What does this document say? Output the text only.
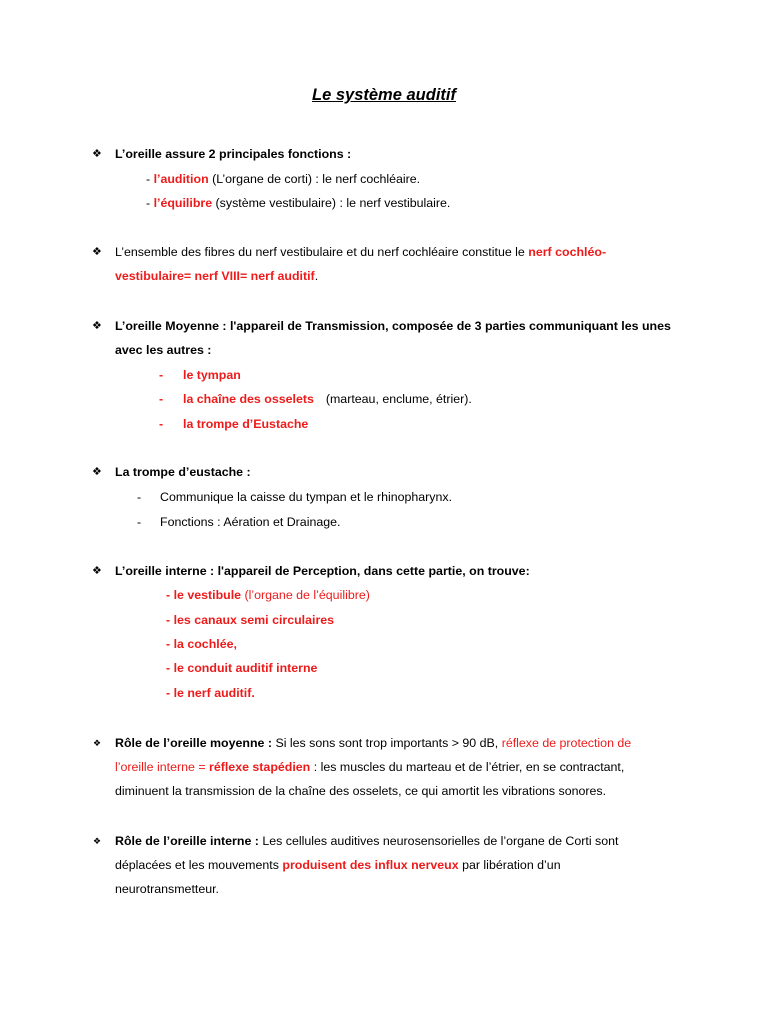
Le système auditif
❖ L’oreille assure 2 principales fonctions :
- l’audition (L’organe de corti) : le nerf cochléaire.
- l’équilibre (système vestibulaire) : le nerf vestibulaire.
❖ L’ensemble des fibres du nerf vestibulaire et du nerf cochléaire constitue le nerf cochléo-
vestibulaire= nerf VIII= nerf auditif.
❖ L’oreille Moyenne : l'appareil de Transmission, composée de 3 parties communiquant les unes
avec les autres :
- le tympan
- la chaîne des osselets (marteau, enclume, étrier).
- la trompe d’Eustache
❖ La trompe d’eustache :
- Communique la caisse du tympan et le rhinopharynx.
- Fonctions : Aération et Drainage.
❖ L’oreille interne : l'appareil de Perception, dans cette partie, on trouve:
- le vestibule (l’organe de l’équilibre)
- les canaux semi circulaires
- la cochlée,
- le conduit auditif interne
- le nerf auditif.
❖ Rôle de l’oreille moyenne : Si les sons sont trop importants > 90 dB, réflexe de protection de
l’oreille interne = réflexe stapédien : les muscles du marteau et de l’étrier, en se contractant,
diminuent la transmission de la chaîne des osselets, ce qui amortit les vibrations sonores.
❖ Rôle de l’oreille interne : Les cellules auditives neurosensorielles de l’organe de Corti sont
déplacées et les mouvements produisent des influx nerveux par libération d’un
neurotransmetteur.
